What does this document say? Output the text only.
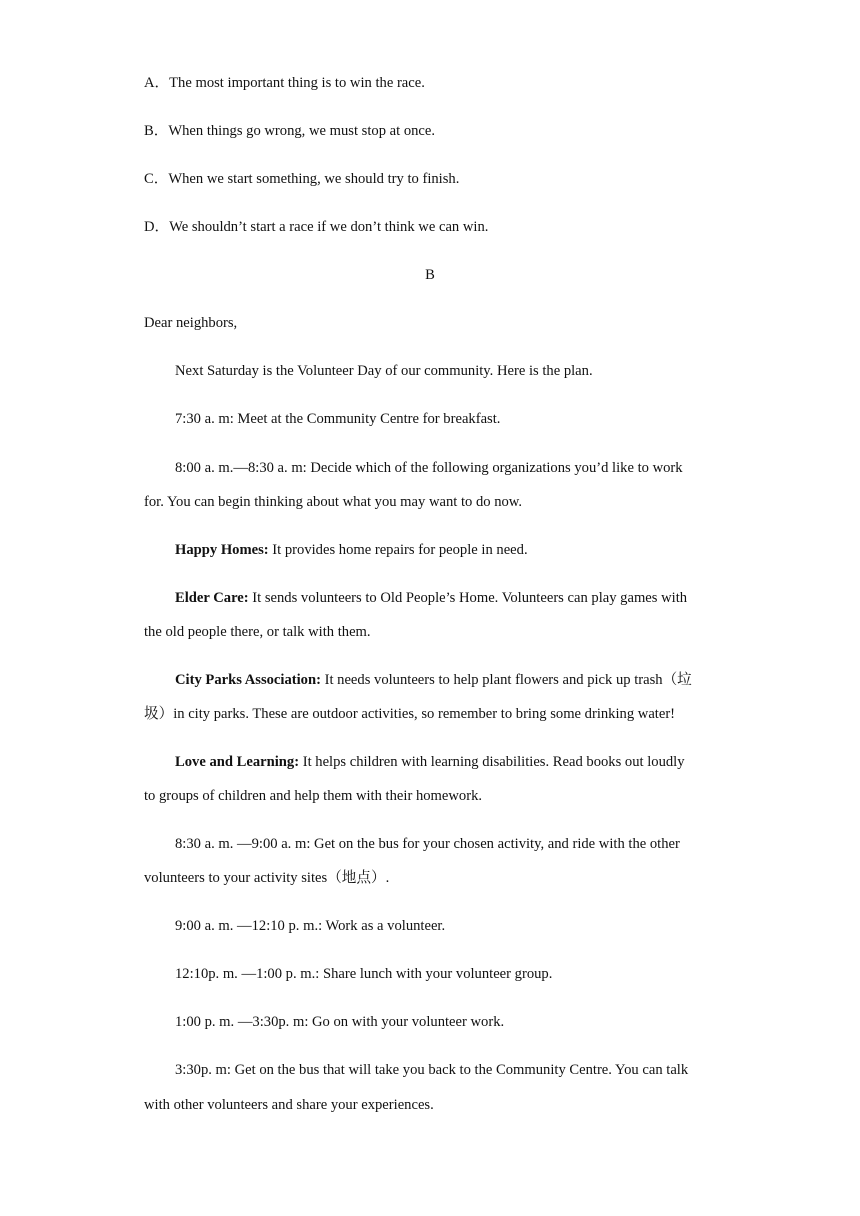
A．The most important thing is to win the race.
B．When things go wrong, we must stop at once.
C．When we start something, we should try to finish.
D．We shouldn’t start a race if we don’t think we can win.
B
Dear neighbors,
Next Saturday is the Volunteer Day of our community. Here is the plan.
7:30 a. m: Meet at the Community Centre for breakfast.
8:00 a. m.—8:30 a. m: Decide which of the following organizations you’d like to work
for. You can begin thinking about what you may want to do now.
Happy Homes: It provides home repairs for people in need.
Elder Care: It sends volunteers to Old People’s Home. Volunteers can play games with
the old people there, or talk with them.
City Parks Association: It needs volunteers to help plant flowers and pick up trash（垃
圾）in city parks. These are outdoor activities, so remember to bring some drinking water!
Love and Learning: It helps children with learning disabilities. Read books out loudly
to groups of children and help them with their homework.
8:30 a. m. —9:00 a. m: Get on the bus for your chosen activity, and ride with the other
volunteers to your activity sites（地点）.
9:00 a. m. —12:10 p. m.: Work as a volunteer.
12:10p. m. —1:00 p. m.: Share lunch with your volunteer group.
1:00 p. m. —3:30p. m: Go on with your volunteer work.
3:30p. m: Get on the bus that will take you back to the Community Centre. You can talk
with other volunteers and share your experiences.
